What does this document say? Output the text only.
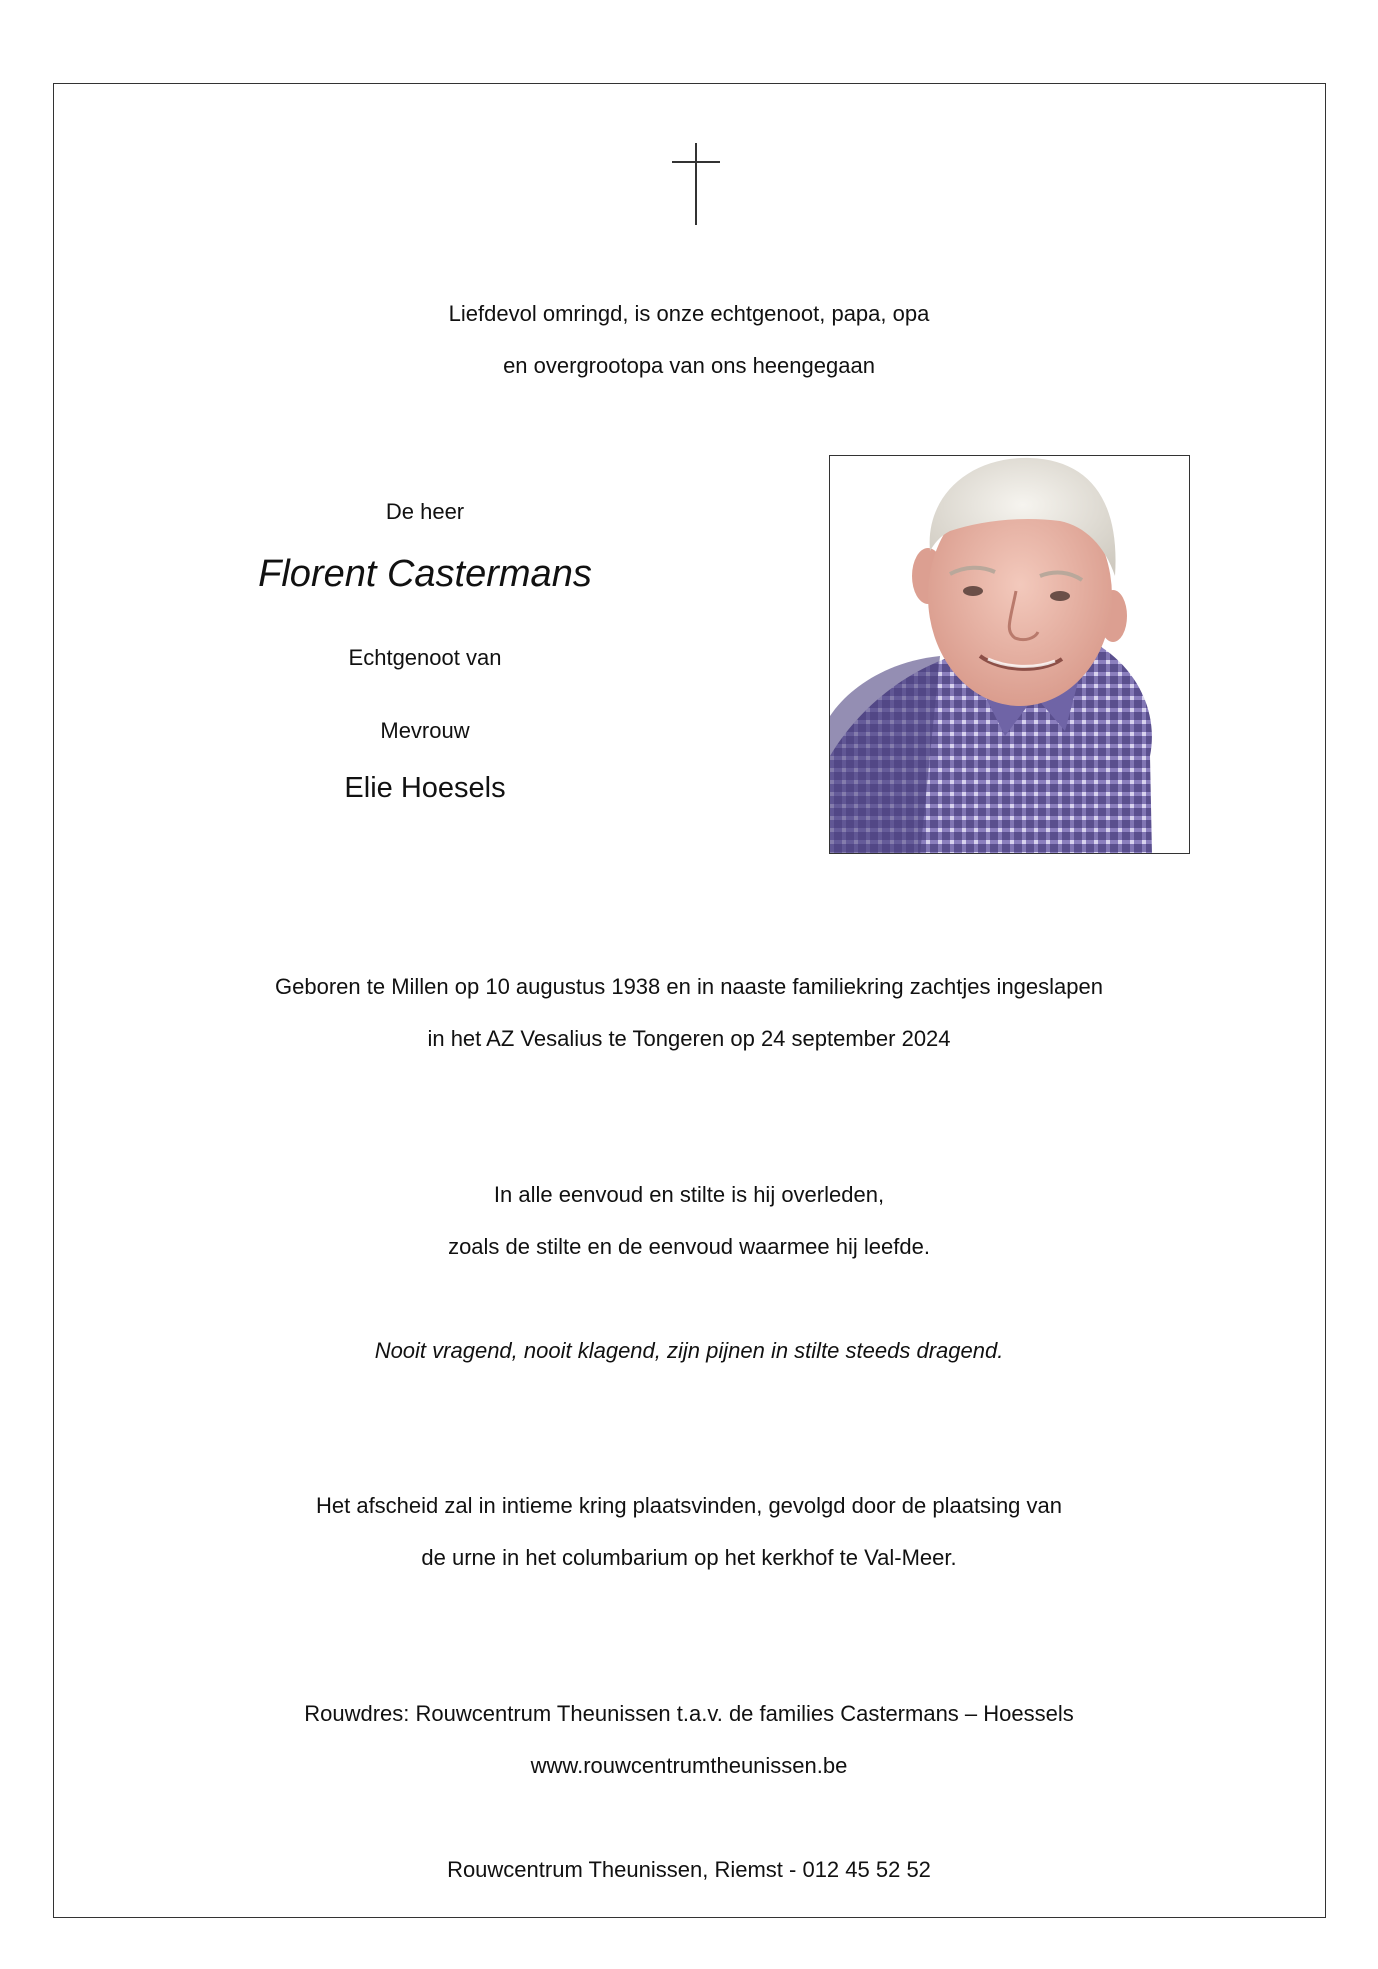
Liefdevol omringd, is onze echtgenoot, papa, opa
en overgrootopa van ons heengegaan
De heer
Florent Castermans
Echtgenoot van
Mevrouw
Elie Hoesels
Geboren te Millen op 10 augustus 1938 en in naaste familiekring zachtjes ingeslapen
in het AZ Vesalius te Tongeren op 24 september 2024
In alle eenvoud en stilte is hij overleden,
zoals de stilte en de eenvoud waarmee hij leefde.
Nooit vragend, nooit klagend, zijn pijnen in stilte steeds dragend.
Het afscheid zal in intieme kring plaatsvinden, gevolgd door de plaatsing van
de urne in het columbarium op het kerkhof te Val-Meer.
Rouwdres: Rouwcentrum Theunissen t.a.v. de families Castermans – Hoessels
www.rouwcentrumtheunissen.be
Rouwcentrum Theunissen, Riemst - 012 45 52 52
